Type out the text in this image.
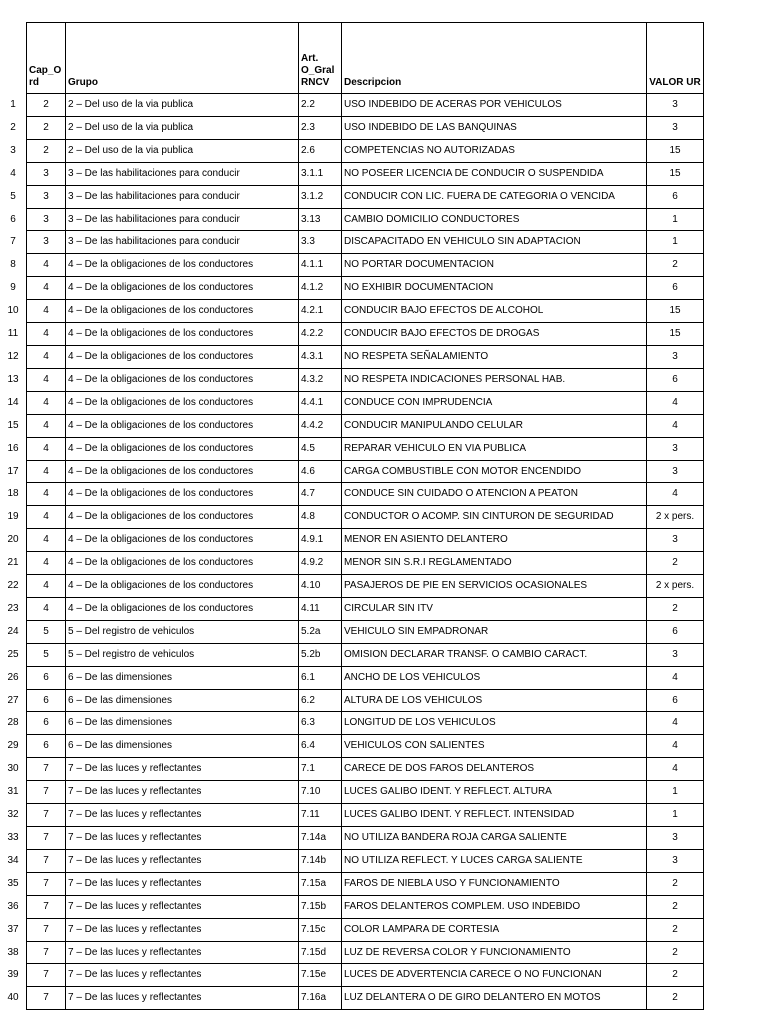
	Cap_O rd	Grupo	Art. O_Gral RNCV	Descripcion	VALOR UR
1	2	2 – Del uso de la via publica	2.2	USO INDEBIDO DE ACERAS POR VEHICULOS	3
2	2	2 – Del uso de la via publica	2.3	USO INDEBIDO DE LAS BANQUINAS	3
3	2	2 – Del uso de la via publica	2.6	COMPETENCIAS NO AUTORIZADAS	15
4	3	3 – De las habilitaciones para conducir	3.1.1	NO POSEER LICENCIA DE CONDUCIR O SUSPENDIDA	15
5	3	3 – De las habilitaciones para conducir	3.1.2	CONDUCIR CON LIC. FUERA DE CATEGORIA O VENCIDA	6
6	3	3 – De las habilitaciones para conducir	3.13	CAMBIO DOMICILIO CONDUCTORES	1
7	3	3 – De las habilitaciones para conducir	3.3	DISCAPACITADO EN VEHICULO SIN ADAPTACION	1
8	4	4 – De la obligaciones de los conductores	4.1.1	NO PORTAR DOCUMENTACION	2
9	4	4 – De la obligaciones de los conductores	4.1.2	NO EXHIBIR DOCUMENTACION	6
10	4	4 – De la obligaciones de los conductores	4.2.1	CONDUCIR BAJO EFECTOS DE ALCOHOL	15
11	4	4 – De la obligaciones de los conductores	4.2.2	CONDUCIR BAJO EFECTOS DE DROGAS	15
12	4	4 – De la obligaciones de los conductores	4.3.1	NO RESPETA SEÑALAMIENTO	3
13	4	4 – De la obligaciones de los conductores	4.3.2	NO RESPETA INDICACIONES PERSONAL HAB.	6
14	4	4 – De la obligaciones de los conductores	4.4.1	CONDUCE CON IMPRUDENCIA	4
15	4	4 – De la obligaciones de los conductores	4.4.2	CONDUCIR MANIPULANDO CELULAR	4
16	4	4 – De la obligaciones de los conductores	4.5	REPARAR VEHICULO EN VIA PUBLICA	3
17	4	4 – De la obligaciones de los conductores	4.6	CARGA COMBUSTIBLE CON MOTOR ENCENDIDO	3
18	4	4 – De la obligaciones de los conductores	4.7	CONDUCE SIN CUIDADO O ATENCION A PEATON	4
19	4	4 – De la obligaciones de los conductores	4.8	CONDUCTOR O ACOMP. SIN CINTURON DE SEGURIDAD	2 x pers.
20	4	4 – De la obligaciones de los conductores	4.9.1	MENOR EN ASIENTO DELANTERO	3
21	4	4 – De la obligaciones de los conductores	4.9.2	MENOR SIN S.R.I REGLAMENTADO	2
22	4	4 – De la obligaciones de los conductores	4.10	PASAJEROS DE PIE EN SERVICIOS OCASIONALES	2 x pers.
23	4	4 – De la obligaciones de los conductores	4.11	CIRCULAR SIN ITV	2
24	5	5 – Del registro de vehiculos	5.2a	VEHICULO SIN EMPADRONAR	6
25	5	5 – Del registro de vehiculos	5.2b	OMISION DECLARAR TRANSF. O CAMBIO CARACT.	3
26	6	6 – De las dimensiones	6.1	ANCHO DE LOS VEHICULOS	4
27	6	6 – De las dimensiones	6.2	ALTURA DE LOS VEHICULOS	6
28	6	6 – De las dimensiones	6.3	LONGITUD DE LOS VEHICULOS	4
29	6	6 – De las dimensiones	6.4	VEHICULOS CON SALIENTES	4
30	7	7 – De las luces y reflectantes	7.1	CARECE DE DOS FAROS DELANTEROS	4
31	7	7 – De las luces y reflectantes	7.10	LUCES GALIBO IDENT. Y REFLECT. ALTURA	1
32	7	7 – De las luces y reflectantes	7.11	LUCES GALIBO IDENT. Y REFLECT. INTENSIDAD	1
33	7	7 – De las luces y reflectantes	7.14a	NO UTILIZA BANDERA ROJA CARGA SALIENTE	3
34	7	7 – De las luces y reflectantes	7.14b	NO UTILIZA REFLECT. Y LUCES CARGA SALIENTE	3
35	7	7 – De las luces y reflectantes	7.15a	FAROS DE NIEBLA USO Y FUNCIONAMIENTO	2
36	7	7 – De las luces y reflectantes	7.15b	FAROS DELANTEROS COMPLEM. USO INDEBIDO	2
37	7	7 – De las luces y reflectantes	7.15c	COLOR LAMPARA DE CORTESIA	2
38	7	7 – De las luces y reflectantes	7.15d	LUZ DE REVERSA COLOR Y FUNCIONAMIENTO	2
39	7	7 – De las luces y reflectantes	7.15e	LUCES DE ADVERTENCIA CARECE O NO FUNCIONAN	2
40	7	7 – De las luces y reflectantes	7.16a	LUZ DELANTERA O DE GIRO DELANTERO EN MOTOS	2
